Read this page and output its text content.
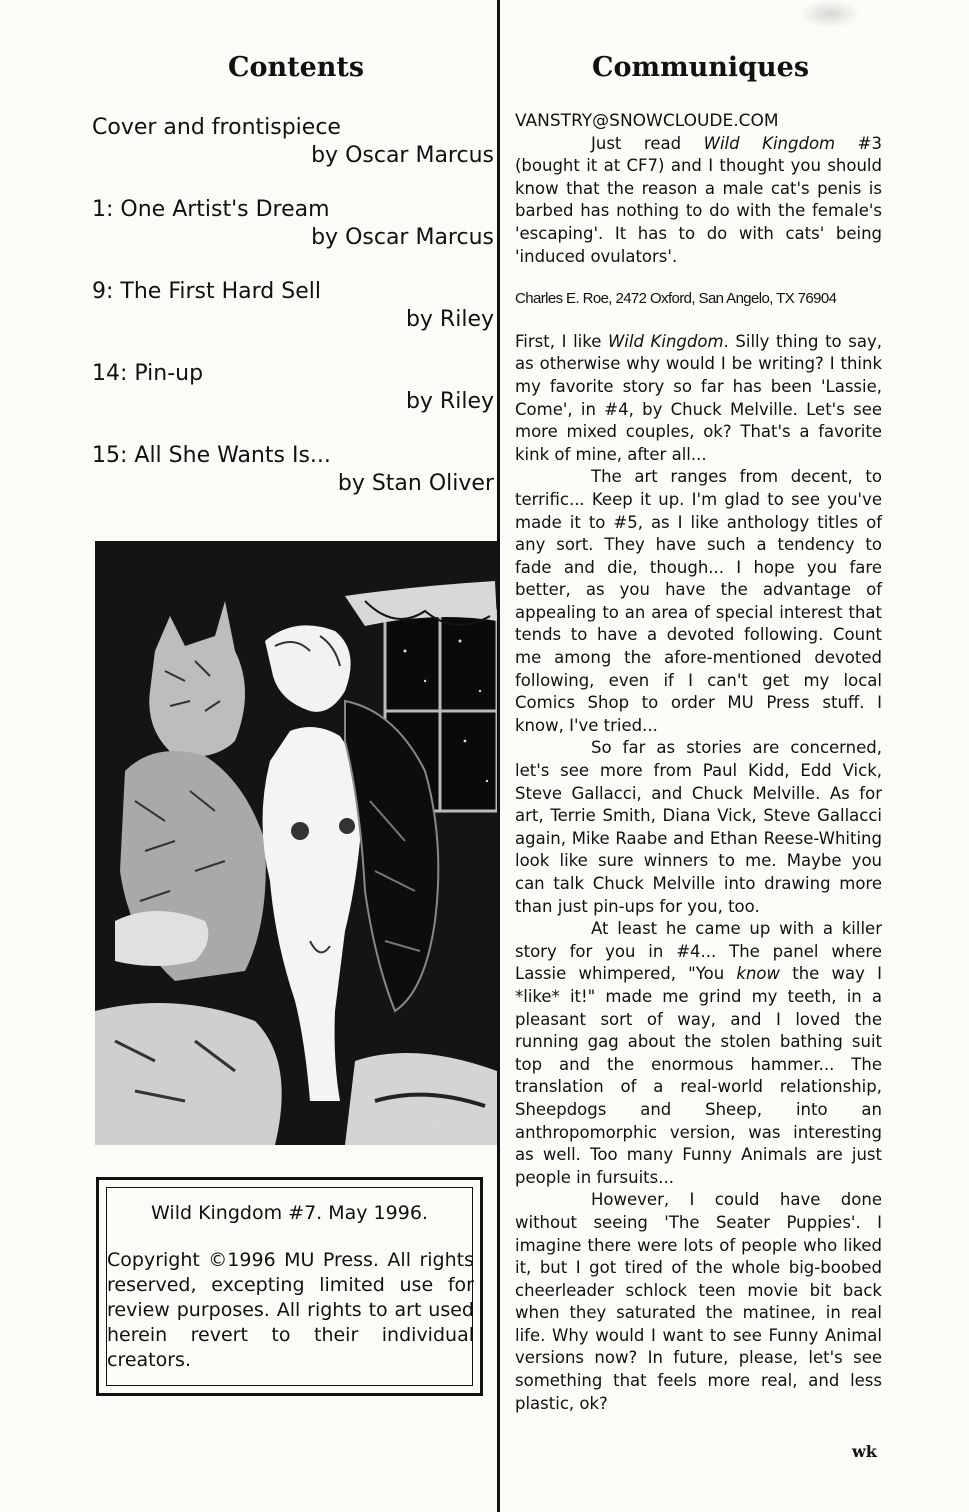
Contents	Communiques
Cover and frontispiece
by Oscar Marcus
1: One Artist's Dream
by Oscar Marcus
9: The First Hard Sell
by Riley
14: Pin-up
by Riley
15: All She Wants Is...
by Stan Oliver
~
Wild Kingdom #7. May 1996.
Copyright ©1996 MU Press. All rights reserved, excepting limited use for review purposes. All rights to art used herein revert to their individual creators.

VANSTRY@SNOWCLOUDE.COM

Just read Wild Kingdom #3 (bought it at CF7) and I thought you should know that the reason a male cat's penis is barbed has nothing to do with the female's 'escaping'. It has to do with cats' being 'induced ovulators'.

Charles E. Roe, 2472 Oxford, San Angelo, TX 76904

First, I like Wild Kingdom. Silly thing to say, as otherwise why would I be writing? I think my favorite story so far has been 'Lassie, Come', in #4, by Chuck Melville. Let's see more mixed couples, ok? That's a favorite kink of mine, after all...

The art ranges from decent, to terrific... Keep it up. I'm glad to see you've made it to #5, as I like anthology titles of any sort. They have such a tendency to fade and die, though... I hope you fare better, as you have the advantage of appealing to an area of special interest that tends to have a devoted following. Count me among the afore-mentioned devoted following, even if I can't get my local Comics Shop to order MU Press stuff. I know, I've tried...

So far as stories are concerned, let's see more from Paul Kidd, Edd Vick, Steve Gallacci, and Chuck Melville. As for art, Terrie Smith, Diana Vick, Steve Gallacci again, Mike Raabe and Ethan Reese-Whiting look like sure winners to me. Maybe you can talk Chuck Melville into drawing more than just pin-ups for you, too.

At least he came up with a killer story for you in #4... The panel where Lassie whimpered, "You know the way I *like* it!" made me grind my teeth, in a pleasant sort of way, and I loved the running gag about the stolen bathing suit top and the enormous hammer... The translation of a real-world relationship, Sheepdogs and Sheep, into an anthropomorphic version, was interesting as well. Too many Funny Animals are just people in fursuits...

However, I could have done without seeing 'The Seater Puppies'. I imagine there were lots of people who liked it, but I got tired of the whole big-boobed cheerleader schlock teen movie bit back when they saturated the matinee, in real life. Why would I want to see Funny Animal versions now? In future, please, let's see something that feels more real, and less plastic, ok?

wk
